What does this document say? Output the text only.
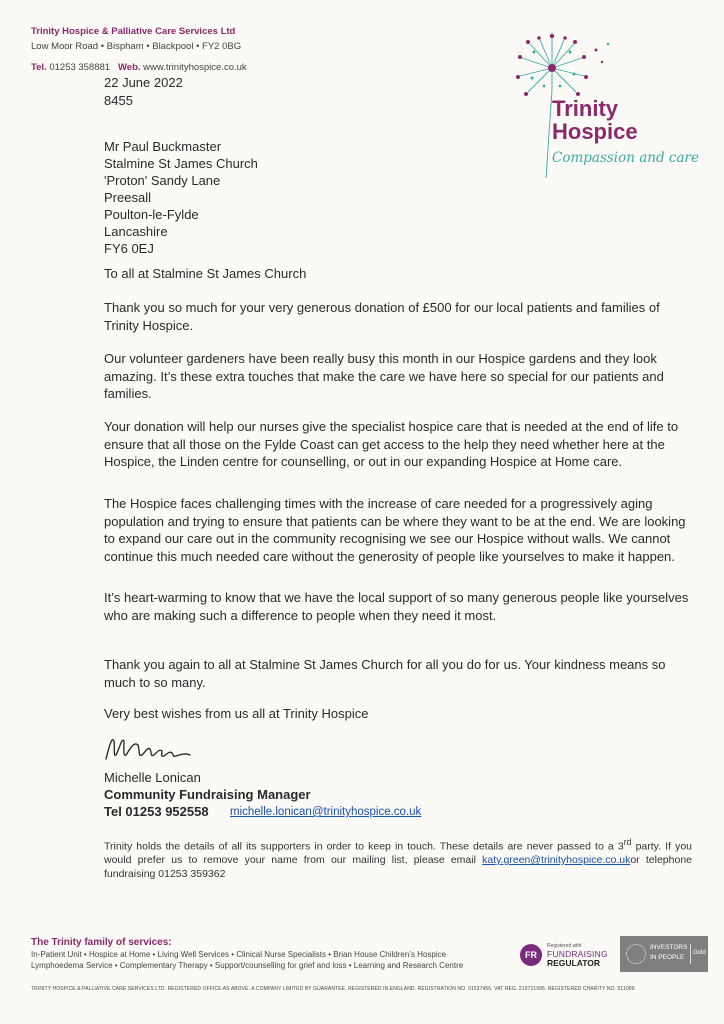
Trinity Hospice & Palliative Care Services Ltd
Low Moor Road • Bispham • Blackpool • FY2 0BG
Tel. 01253 358881 Web. www.trinityhospice.co.uk
22 June 2022
8455	Trinity
Hospice
Compassion and care
Mr Paul Buckmaster
Stalmine St James Church
'Proton' Sandy Lane
Preesall
Poulton-le-Fylde
Lancashire
FY6 0EJ
To all at Stalmine St James Church
Thank you so much for your very generous donation of £500 for our local patients and families of Trinity Hospice.
Our volunteer gardeners have been really busy this month in our Hospice gardens and they look amazing. It’s these extra touches that make the care we have here so special for our patients and families.
Your donation will help our nurses give the specialist hospice care that is needed at the end of life to ensure that all those on the Fylde Coast can get access to the help they need whether here at the Hospice, the Linden centre for counselling, or out in our expanding Hospice at Home care.
The Hospice faces challenging times with the increase of care needed for a progressively aging population and trying to ensure that patients can be where they want to be at the end. We are looking to expand our care out in the community recognising we see our Hospice without walls. We cannot continue this much needed care without the generosity of people like yourselves to make it happen.
It’s heart-warming to know that we have the local support of so many generous people like yourselves who are making such a difference to people when they need it most.
Thank you again to all at Stalmine St James Church for all you do for us. Your kindness means so much to so many.
Very best wishes from us all at Trinity Hospice
Michelle Lonican
Community Fundraising Manager
Tel 01253 952558 michelle.lonican@trinityhospice.co.uk
Trinity holds the details of all its supporters in order to keep in touch. These details are never passed to a 3rd party. If you would prefer us to remove your name from our mailing list, please email katy.green@trinityhospice.co.ukor telephone fundraising 01253 359362
The Trinity family of services:
In-Patient Unit • Hospice at Home • Living Well Services • Clinical Nurse Specialists • Brian House Children’s Hospice
Lymphoedema Service • Complementary Therapy • Support/counselling for grief and loss • Learning and Research Centre
FR
Registered with
FUNDRAISING
REGULATOR
INVESTORS
IN PEOPLE
Gold
TRINITY HOSPICE & PALLIATIVE CARE SERVICES LTD. REGISTERED OFFICE AS ABOVE. A COMPANY LIMITED BY GUARANTEE. REGISTERED IN ENGLAND. REGISTRATION NO. 01537456. VAT REG. 219721995. REGISTERED CHARITY NO. 511009.
